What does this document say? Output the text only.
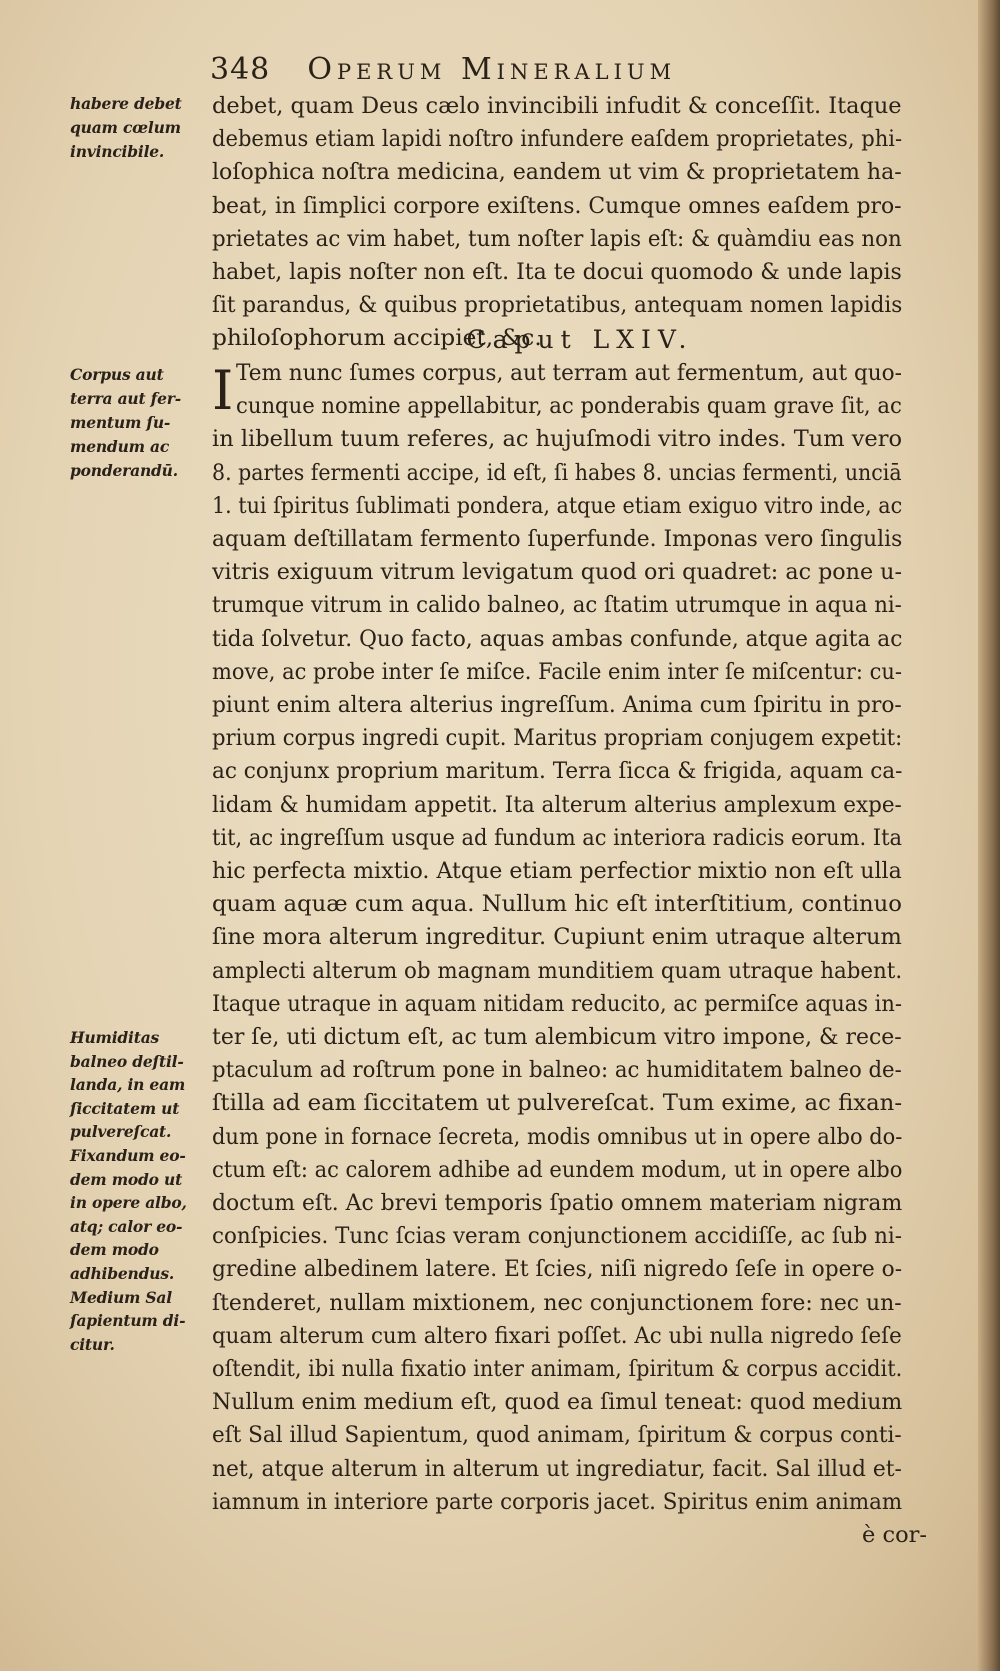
348 Operum Mineralium
habere debet
quam cœlum
invincibile.
Corpus aut
terra aut fer-
mentum ſu-
mendum ac
ponderandū.
Humiditas
balneo deſtil-
landa, in eam
ſiccitatem ut
pulvereſcat.
Fixandum eo-
dem modo ut
in opere albo,
atq; calor eo-
dem modo
adhibendus.
Medium Sal
ſapientum di-
citur.
debet, quam Deus cælo invincibili infudit & conceſſit. Itaque
debemus etiam lapidi noſtro infundere eaſdem proprietates, phi-
loſophica noſtra medicina, eandem ut vim & proprietatem ha-
beat, in ſimplici corpore exiſtens. Cumque omnes eaſdem pro-
prietates ac vim habet, tum noſter lapis eſt: & quàmdiu eas non
habet, lapis noſter non eſt. Ita te docui quomodo & unde lapis
ſit parandus, & quibus proprietatibus, antequam nomen lapidis
philoſophorum accipiet, &c.
Tem nunc ſumes corpus, aut terram aut fermentum, aut quo-
cunque nomine appellabitur, ac ponderabis quam grave ſit, ac
in libellum tuum referes, ac hujuſmodi vitro indes. Tum vero
8. partes fermenti accipe, id eſt, ſi habes 8. uncias fermenti, unciā
1. tui ſpiritus ſublimati pondera, atque etiam exiguo vitro inde, ac
aquam deſtillatam fermento ſuperfunde. Imponas vero ſingulis
vitris exiguum vitrum levigatum quod ori quadret: ac pone u-
trumque vitrum in calido balneo, ac ſtatim utrumque in aqua ni-
tida ſolvetur. Quo facto, aquas ambas confunde, atque agita ac
move, ac probe inter ſe miſce. Facile enim inter ſe miſcentur: cu-
piunt enim altera alterius ingreſſum. Anima cum ſpiritu in pro-
prium corpus ingredi cupit. Maritus propriam conjugem expetit:
ac conjunx proprium maritum. Terra ſicca & frigida, aquam ca-
lidam & humidam appetit. Ita alterum alterius amplexum expe-
tit, ac ingreſſum usque ad fundum ac interiora radicis eorum. Ita
hic perfecta mixtio. Atque etiam perfectior mixtio non eſt ulla
quam aquæ cum aqua. Nullum hic eſt interſtitium, continuo
ſine mora alterum ingreditur. Cupiunt enim utraque alterum
amplecti alterum ob magnam munditiem quam utraque habent.
Itaque utraque in aquam nitidam reducito, ac permiſce aquas in-
ter ſe, uti dictum eſt, ac tum alembicum vitro impone, & rece-
ptaculum ad roſtrum pone in balneo: ac humiditatem balneo de-
ſtilla ad eam ſiccitatem ut pulvereſcat. Tum exime, ac fixan-
dum pone in fornace ſecreta, modis omnibus ut in opere albo do-
ctum eſt: ac calorem adhibe ad eundem modum, ut in opere albo
doctum eſt. Ac brevi temporis ſpatio omnem materiam nigram
conſpicies. Tunc ſcias veram conjunctionem accidiſſe, ac ſub ni-
gredine albedinem latere. Et ſcies, niſi nigredo ſeſe in opere o-
ſtenderet, nullam mixtionem, nec conjunctionem fore: nec un-
quam alterum cum altero fixari poſſet. Ac ubi nulla nigredo ſeſe
oſtendit, ibi nulla fixatio inter animam, ſpiritum & corpus accidit.
Nullum enim medium eſt, quod ea ſimul teneat: quod medium
eſt Sal illud Sapientum, quod animam, ſpiritum & corpus conti-
net, atque alterum in alterum ut ingrediatur, facit. Sal illud et-
iamnum in interiore parte corporis jacet. Spiritus enim animam
è cor-
Caput LXIV.
I
